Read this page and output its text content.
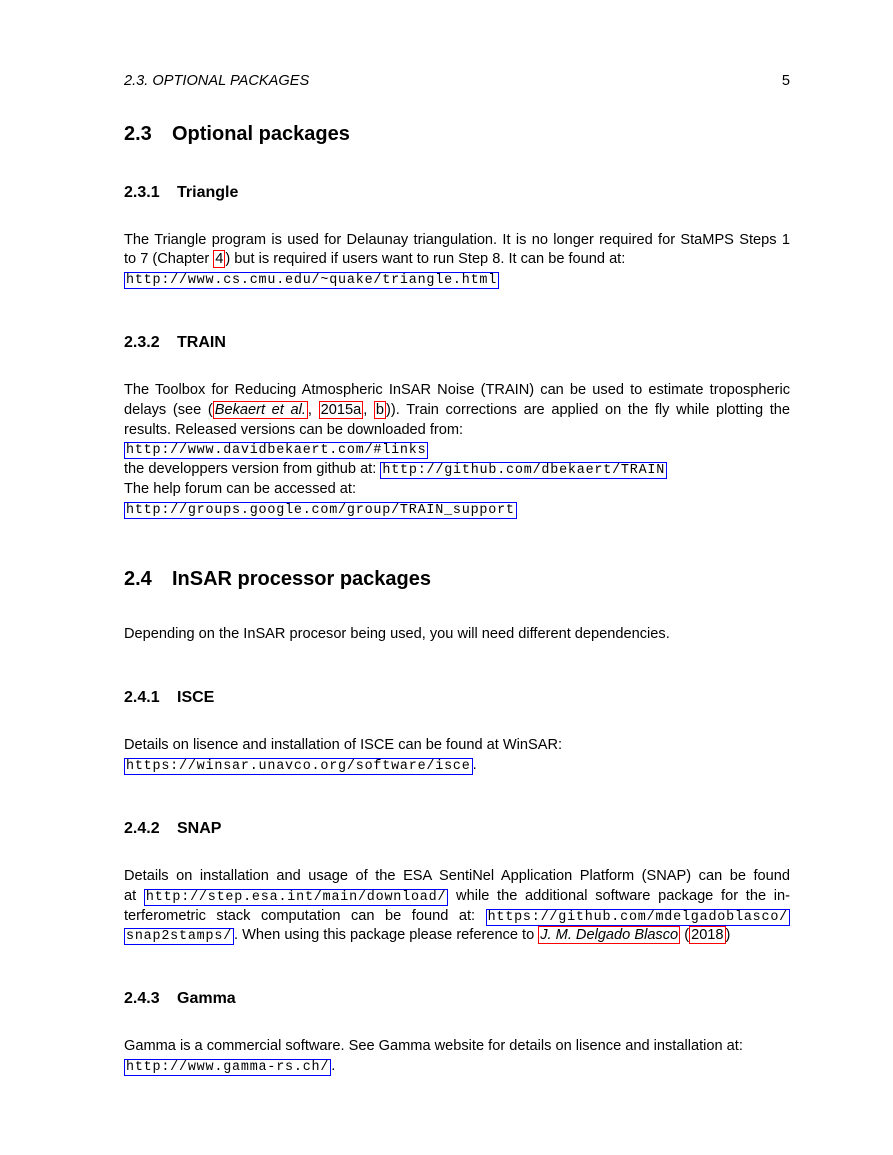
2.3. OPTIONAL PACKAGES	5
2.3 Optional packages
2.3.1 Triangle
The Triangle program is used for Delaunay triangulation. It is no longer required for StaMPS Steps 1
to 7 (Chapter 4 ) but is required if users want to run Step 8. It can be found at:
http://www.cs.cmu.edu/~quake/triangle.html
2.3.2 TRAIN
The Toolbox for Reducing Atmospheric InSAR Noise (TRAIN) can be used to estimate tropospheric
delays (see ( Bekaert et al. , 2015a , b )). Train corrections are applied on the fly while plotting the
results. Released versions can be downloaded from:
http://www.davidbekaert.com/#links
the developpers version from github at: http://github.com/dbekaert/TRAIN
The help forum can be accessed at:
http://groups.google.com/group/TRAIN_support
2.4 InSAR processor packages
Depending on the InSAR procesor being used, you will need different dependencies.
2.4.1 ISCE
Details on lisence and installation of ISCE can be found at WinSAR:
https://winsar.unavco.org/software/isce .
2.4.2 SNAP
Details on installation and usage of the ESA SentiNel Application Platform (SNAP) can be found
at http://step.esa.int/main/download/ while the additional software package for the in-
terferometric stack computation can be found at: https://github.com/mdelgadoblasco/
snap2stamps/ . When using this package please reference to J. M. Delgado Blasco ( 2018 )
2.4.3 Gamma
Gamma is a commercial software. See Gamma website for details on lisence and installation at:
http://www.gamma-rs.ch/ .
